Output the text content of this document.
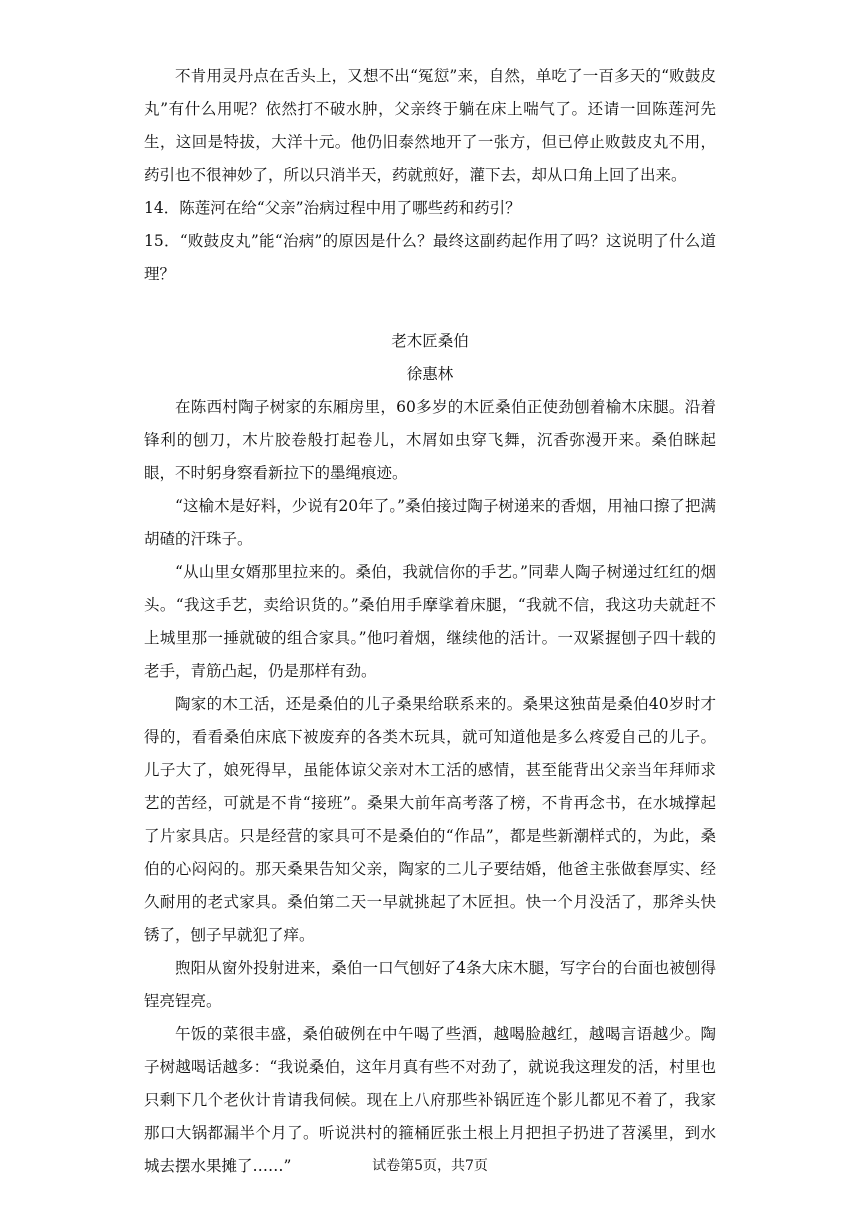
不肯用灵丹点在舌头上，又想不出“冤愆”来，自然，单吃了一百多天的“败鼓皮丸”有什么用呢？依然打不破水肿，父亲终于躺在床上喘气了。还请一回陈莲河先生，这回是特拔，大洋十元。他仍旧泰然地开了一张方，但已停止败鼓皮丸不用，药引也不很神妙了，所以只消半天，药就煎好，灌下去，却从口角上回了出来。

14．陈莲河在给“父亲”治病过程中用了哪些药和药引？

15．“败鼓皮丸”能“治病”的原因是什么？最终这副药起作用了吗？这说明了什么道理？

老木匠桑伯

徐惠林

在陈西村陶子树家的东厢房里，60多岁的木匠桑伯正使劲刨着榆木床腿。沿着锋利的刨刀，木片胶卷般打起卷儿，木屑如虫穿飞舞，沉香弥漫开来。桑伯眯起眼，不时躬身察看新拉下的墨绳痕迹。

“这榆木是好料，少说有20年了。”桑伯接过陶子树递来的香烟，用袖口擦了把满胡碴的汗珠子。

“从山里女婿那里拉来的。桑伯，我就信你的手艺。”同辈人陶子树递过红红的烟头。“我这手艺，卖给识货的。”桑伯用手摩挲着床腿，“我就不信，我这功夫就赶不上城里那一捶就破的组合家具。”他叼着烟，继续他的活计。一双紧握刨子四十载的老手，青筋凸起，仍是那样有劲。

陶家的木工活，还是桑伯的儿子桑果给联系来的。桑果这独苗是桑伯40岁时才得的，看看桑伯床底下被废弃的各类木玩具，就可知道他是多么疼爱自己的儿子。儿子大了，娘死得早，虽能体谅父亲对木工活的感情，甚至能背出父亲当年拜师求艺的苦经，可就是不肯“接班”。桑果大前年高考落了榜，不肯再念书，在水城撑起了片家具店。只是经营的家具可不是桑伯的“作品”，都是些新潮样式的，为此，桑伯的心闷闷的。那天桑果告知父亲，陶家的二儿子要结婚，他爸主张做套厚实、经久耐用的老式家具。桑伯第二天一早就挑起了木匠担。快一个月没活了，那斧头快锈了，刨子早就犯了痒。

煦阳从窗外投射进来，桑伯一口气刨好了4条大床木腿，写字台的台面也被刨得锃亮锃亮。

午饭的菜很丰盛，桑伯破例在中午喝了些酒，越喝脸越红，越喝言语越少。陶子树越喝话越多：“我说桑伯，这年月真有些不对劲了，就说我这理发的活，村里也只剩下几个老伙计肯请我伺候。现在上八府那些补锅匠连个影儿都见不着了，我家那口大锅都漏半个月了。听说洪村的箍桶匠张土根上月把担子扔进了苕溪里，到水城去摆水果摊了……”	试卷第5页，共7页
